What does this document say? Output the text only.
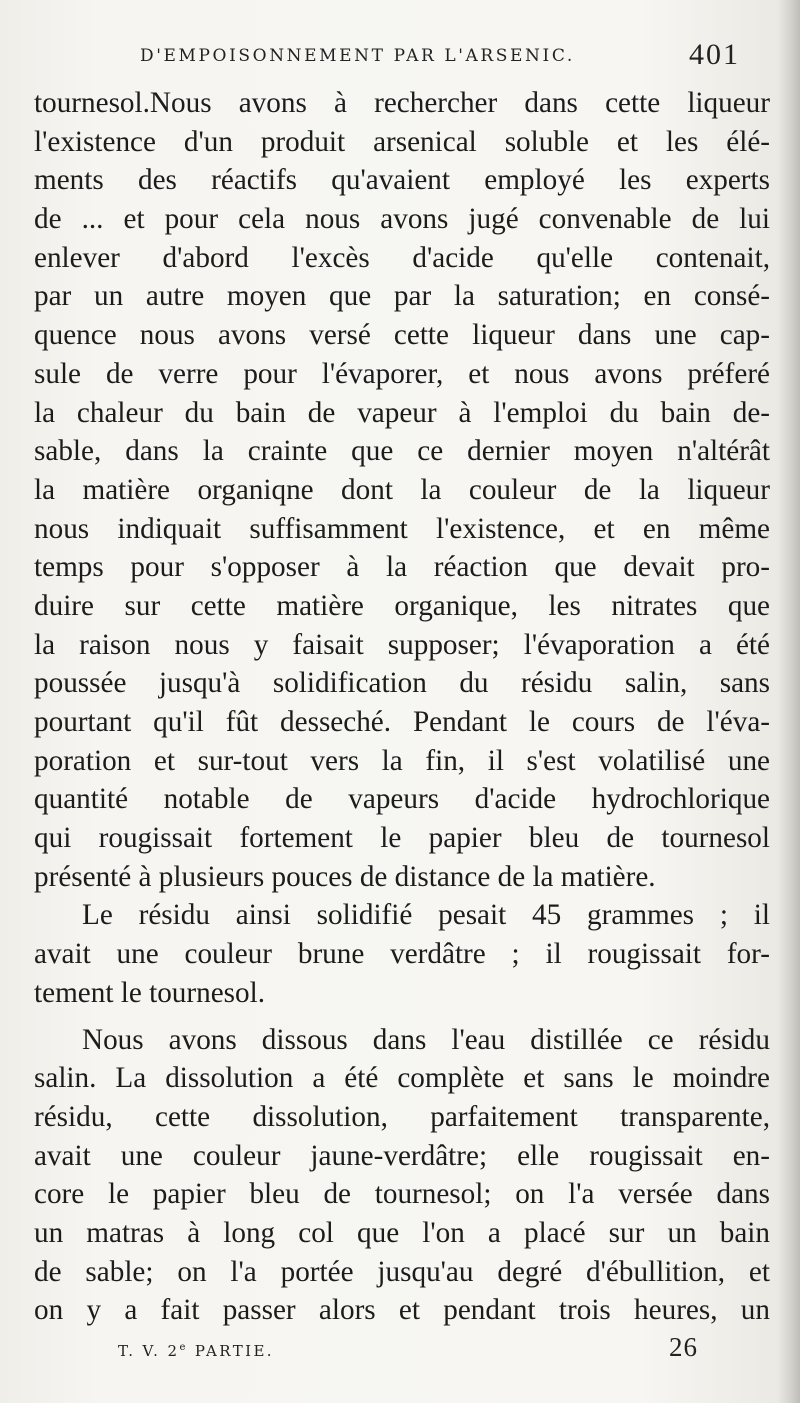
D'EMPOISONNEMENT PAR L'ARSENIC.	401
tournesol.Nous avons à rechercher dans cette liqueur
l'existence d'un produit arsenical soluble et les élé-
ments des réactifs qu'avaient employé les experts
de ... et pour cela nous avons jugé convenable de lui
enlever d'abord l'excès d'acide qu'elle contenait,
par un autre moyen que par la saturation; en consé-
quence nous avons versé cette liqueur dans une cap-
sule de verre pour l'évaporer, et nous avons préferé
la chaleur du bain de vapeur à l'emploi du bain de-
sable, dans la crainte que ce dernier moyen n'altérât
la matière organiqne dont la couleur de la liqueur
nous indiquait suffisamment l'existence, et en même
temps pour s'opposer à la réaction que devait pro-
duire sur cette matière organique, les nitrates que
la raison nous y faisait supposer; l'évaporation a été
poussée jusqu'à solidification du résidu salin, sans
pourtant qu'il fût desseché. Pendant le cours de l'éva-
poration et sur-tout vers la fin, il s'est volatilisé une
quantité notable de vapeurs d'acide hydrochlorique
qui rougissait fortement le papier bleu de tournesol
présenté à plusieurs pouces de distance de la matière.
Le résidu ainsi solidifié pesait 45 grammes ; il
avait une couleur brune verdâtre ; il rougissait for-
tement le tournesol.
Nous avons dissous dans l'eau distillée ce résidu
salin. La dissolution a été complète et sans le moindre
résidu, cette dissolution, parfaitement transparente,
avait une couleur jaune-verdâtre; elle rougissait en-
core le papier bleu de tournesol; on l'a versée dans
un matras à long col que l'on a placé sur un bain
de sable; on l'a portée jusqu'au degré d'ébullition, et
on y a fait passer alors et pendant trois heures, un
T. V. 2e PARTIE.	26
